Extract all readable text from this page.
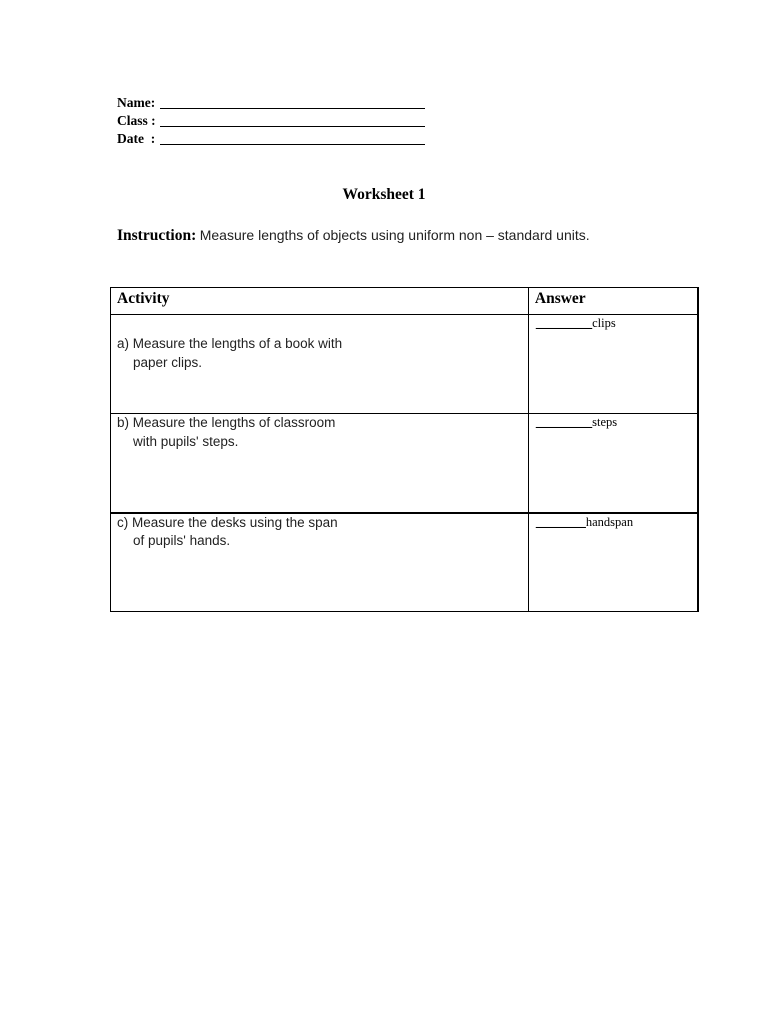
Name:
Class :
Date  :
Worksheet 1
Instruction: Measure lengths of objects using uniform non – standard units.
Activity	Answer

a) Measure the lengths of a book with paper clips.	_________clips

b) Measure the lengths of classroom with pupils' steps.	_________steps

c) Measure the desks using the span of pupils' hands.	________handspan
